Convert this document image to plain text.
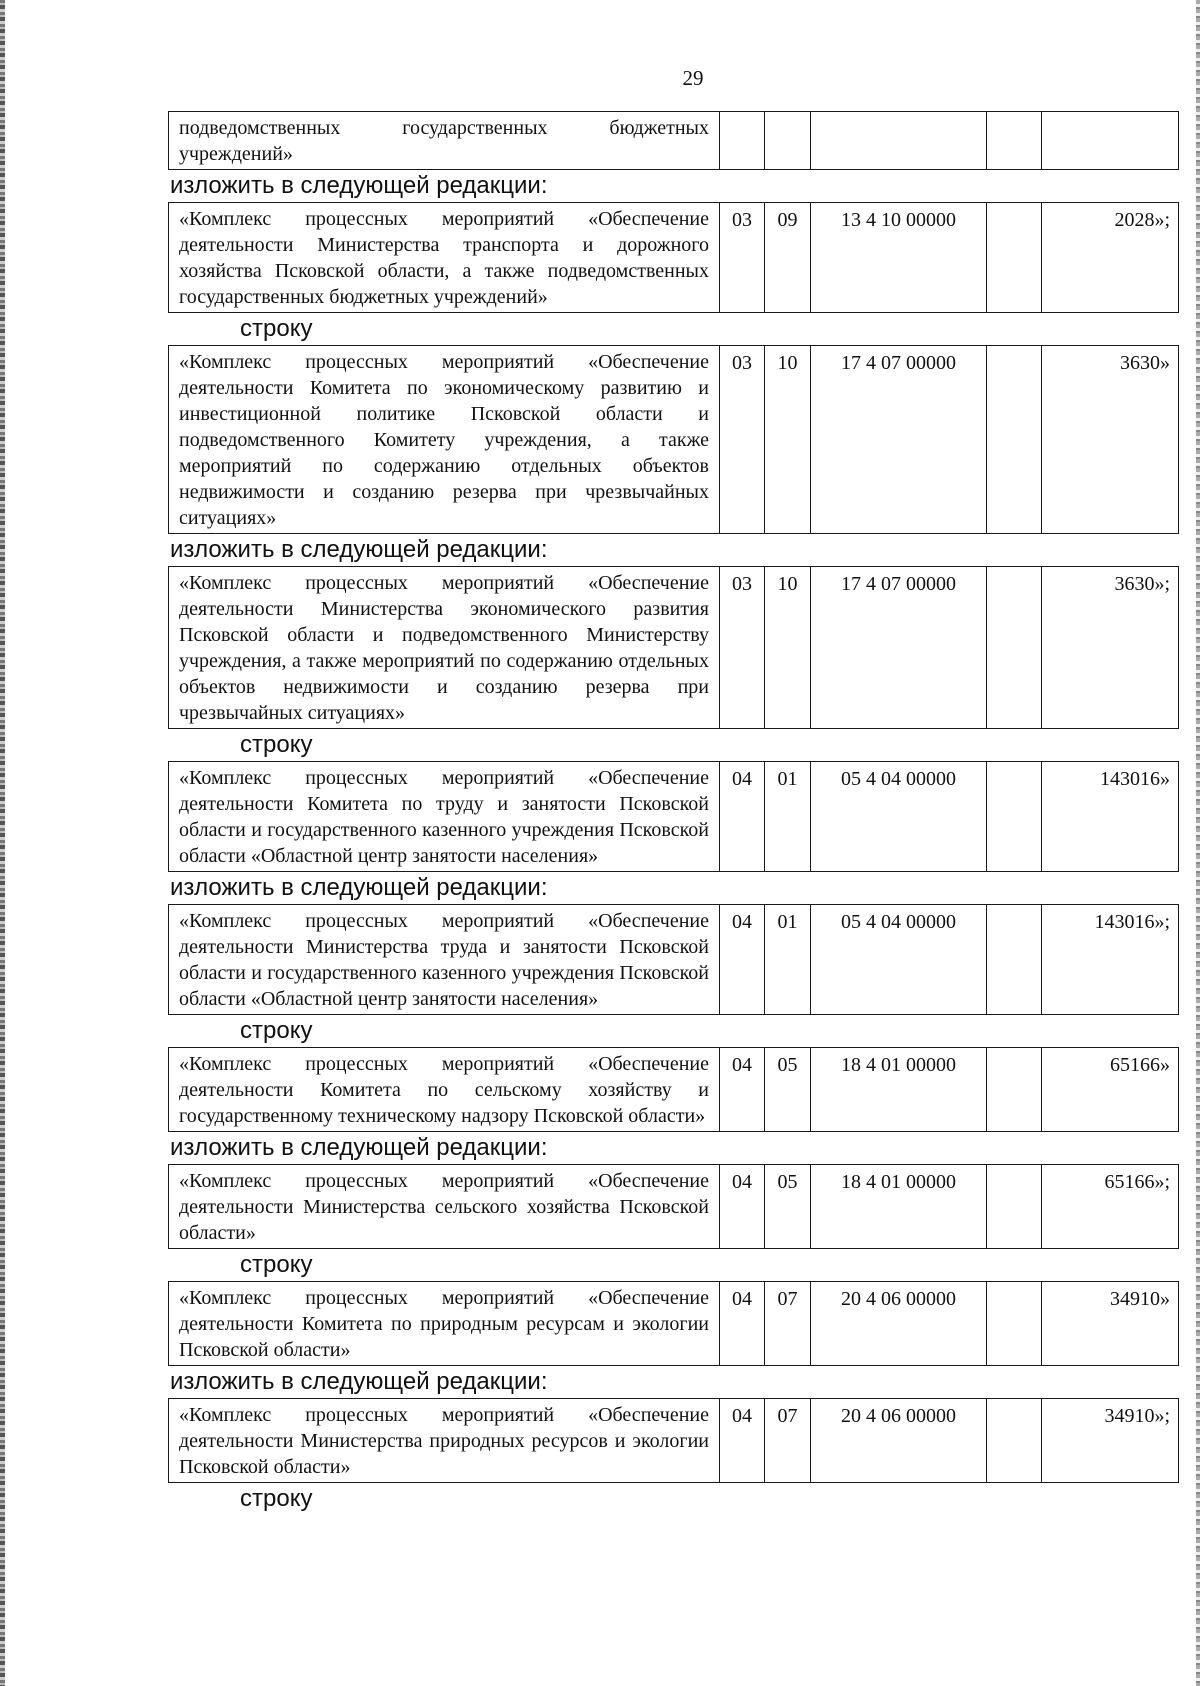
29
подведомственных государственных бюджетных учреждений»					
изложить в следующей редакции:
«Комплекс процессных мероприятий «Обеспечение деятельности Министерства транспорта и дорожного хозяйства Псковской области, а также подведомственных государственных бюджетных учреждений»	03	09	13 4 10 00000		2028»;
строку
«Комплекс процессных мероприятий «Обеспечение деятельности Комитета по экономическому развитию и инвестиционной политике Псковской области и подведомственного Комитету учреждения, а также мероприятий по содержанию отдельных объектов недвижимости и созданию резерва при чрезвычайных ситуациях»	03	10	17 4 07 00000		3630»
изложить в следующей редакции:
«Комплекс процессных мероприятий «Обеспечение деятельности Министерства экономического развития Псковской области и подведомственного Министерству учреждения, а также мероприятий по содержанию отдельных объектов недвижимости и созданию резерва при чрезвычайных ситуациях»	03	10	17 4 07 00000		3630»;
строку
«Комплекс процессных мероприятий «Обеспечение деятельности Комитета по труду и занятости Псковской области и государственного казенного учреждения Псковской области «Областной центр занятости населения»	04	01	05 4 04 00000		143016»
изложить в следующей редакции:
«Комплекс процессных мероприятий «Обеспечение деятельности Министерства труда и занятости Псковской области и государственного казенного учреждения Псковской области «Областной центр занятости населения»	04	01	05 4 04 00000		143016»;
строку
«Комплекс процессных мероприятий «Обеспечение деятельности Комитета по сельскому хозяйству и государственному техническому надзору Псковской области»	04	05	18 4 01 00000		65166»
изложить в следующей редакции:
«Комплекс процессных мероприятий «Обеспечение деятельности Министерства сельского хозяйства Псковской области»	04	05	18 4 01 00000		65166»;
строку
«Комплекс процессных мероприятий «Обеспечение деятельности Комитета по природным ресурсам и экологии Псковской области»	04	07	20 4 06 00000		34910»
изложить в следующей редакции:
«Комплекс процессных мероприятий «Обеспечение деятельности Министерства природных ресурсов и экологии Псковской области»	04	07	20 4 06 00000		34910»;
строку
